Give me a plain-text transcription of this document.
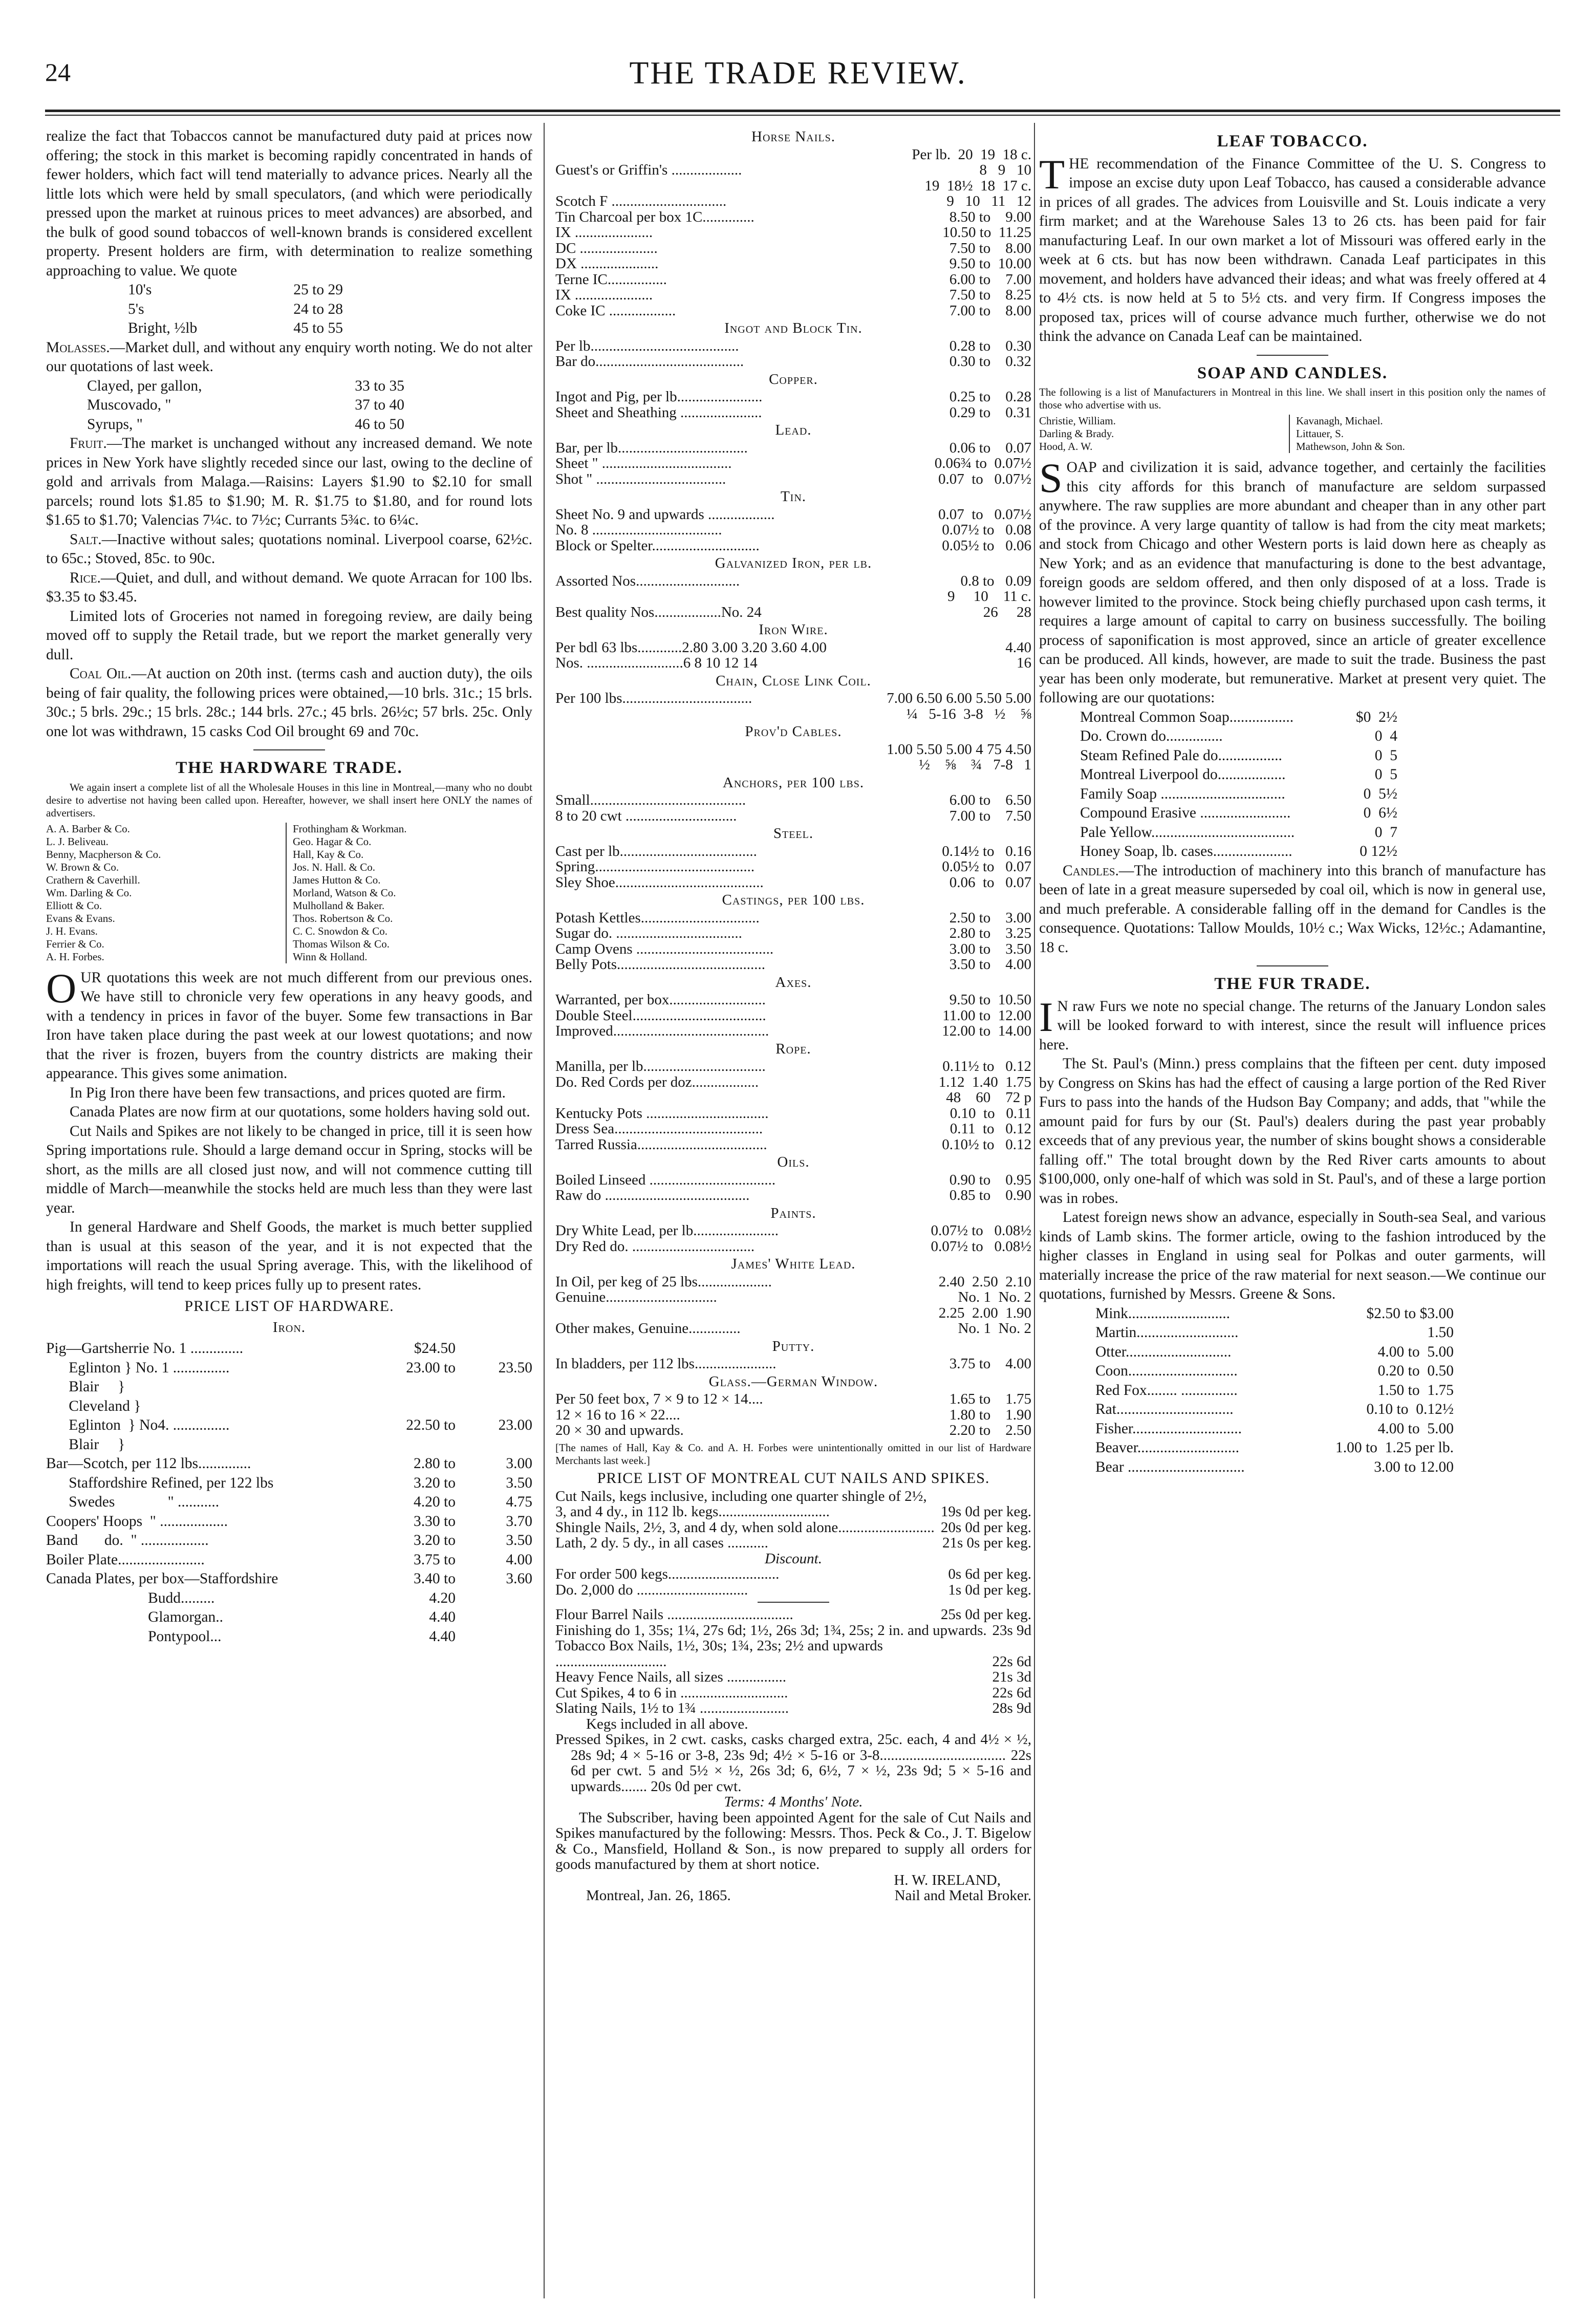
24	THE TRADE REVIEW.

realize the fact that Tobaccos cannot be manufactured duty paid at prices now offering; the stock in this market is becoming rapidly concentrated in hands of fewer holders, which fact will tend materially to advance prices. Nearly all the little lots which were held by small speculators, (and which were periodically pressed upon the market at ruinous prices to meet advances) are absorbed, and the bulk of good sound tobaccos of well-known brands is considered excellent property. Present holders are firm, with determination to realize something approaching to value. We quote

10's	25 to 29
5's	24 to 28
Bright, ½lb	45 to 55

Molasses.—Market dull, and without any enquiry worth noting. We do not alter our quotations of last week.

Clayed, per gallon,	33 to 35
Muscovado, "	37 to 40
Syrups, "	46 to 50

Fruit.—The market is unchanged without any increased demand. We note prices in New York have slightly receded since our last, owing to the decline of gold and arrivals from Malaga.—Raisins: Layers $1.90 to $2.10 for small parcels; round lots $1.85 to $1.90; M. R. $1.75 to $1.80, and for round lots $1.65 to $1.70; Valencias 7¼c. to 7½c; Currants 5¾c. to 6¼c.

Salt.—Inactive without sales; quotations nominal. Liverpool coarse, 62½c. to 65c.; Stoved, 85c. to 90c.

Rice.—Quiet, and dull, and without demand. We quote Arracan for 100 lbs. $3.35 to $3.45.

Limited lots of Groceries not named in foregoing review, are daily being moved off to supply the Retail trade, but we report the market generally very dull.

Coal Oil.—At auction on 20th inst. (terms cash and auction duty), the oils being of fair quality, the following prices were obtained,—10 brls. 31c.; 15 brls. 30c.; 5 brls. 29c.; 15 brls. 28c.; 144 brls. 27c.; 45 brls. 26½c; 57 brls. 25c. Only one lot was withdrawn, 15 casks Cod Oil brought 69 and 70c.

THE HARDWARE TRADE.

We again insert a complete list of all the Wholesale Houses in this line in Montreal,—many who no doubt desire to advertise not having been called upon. Hereafter, however, we shall insert here ONLY the names of advertisers.

A. A. Barber & Co.
L. J. Beliveau.
Benny, Macpherson & Co.
W. Brown & Co.
Crathern & Caverhill.
Wm. Darling & Co.
Elliott & Co.
Evans & Evans.
J. H. Evans.
Ferrier & Co.
A. H. Forbes.
Frothingham & Workman.
Geo. Hagar & Co.
Hall, Kay & Co.
Jos. N. Hall. & Co.
James Hutton & Co.
Morland, Watson & Co.
Mulholland & Baker.
Thos. Robertson & Co.
C. C. Snowdon & Co.
Thomas Wilson & Co.
Winn & Holland.

OUR quotations this week are not much different from our previous ones. We have still to chronicle very few operations in any heavy goods, and with a tendency in prices in favor of the buyer. Some few transactions in Bar Iron have taken place during the past week at our lowest quotations; and now that the river is frozen, buyers from the country districts are making their appearance. This gives some animation.

In Pig Iron there have been few transactions, and prices quoted are firm.

Canada Plates are now firm at our quotations, some holders having sold out.

Cut Nails and Spikes are not likely to be changed in price, till it is seen how Spring importations rule. Should a large demand occur in Spring, stocks will be short, as the mills are all closed just now, and will not commence cutting till middle of March—meanwhile the stocks held are much less than they were last year.

In general Hardware and Shelf Goods, the market is much better supplied than is usual at this season of the year, and it is not expected that the importations will reach the usual Spring average. This, with the likelihood of high freights, will tend to keep prices fully up to present rates.

PRICE LIST OF HARDWARE.
Iron.
Pig—Gartsherrie No. 1 ..............	$24.50
Eglinton } No. 1 ...............	23.00 to	23.50
Blair     }
Cleveland }
Eglinton  } No4. ...............	22.50 to	23.00
Blair     }
Bar—Scotch, per 112 lbs..............	2.80 to	3.00
Staffordshire Refined, per 122 lbs	3.20 to	3.50
Swedes              " ...........	4.20 to	4.75
Coopers' Hoops  " ..................	3.30 to	3.70
Band       do.  " ..................	3.20 to	3.50
Boiler Plate.......................	3.75 to	4.00
Canada Plates, per box—Staffordshire	3.40 to	3.60
Budd.........	4.20
Glamorgan..	4.40
Pontypool...	4.40
Horse Nails.
Per lb.  20  19  18 c.
Guest's or Griffin's ...................	8   9   10
19  18½  18  17 c.
Scotch F ...............................	9   10   11   12
Tin Charcoal per box 1C..............	8.50 to    9.00
IX .....................	10.50 to  11.25
DC .....................	7.50 to    8.00
DX .....................	9.50 to  10.00
Terne IC................	6.00 to    7.00
IX .....................	7.50 to    8.25
Coke IC ..................	7.00 to    8.00
Ingot and Block Tin.
Per lb........................................	0.28 to    0.30
Bar do........................................	0.30 to    0.32
Copper.
Ingot and Pig, per lb.......................	0.25 to    0.28
Sheet and Sheathing ......................	0.29 to    0.31
Lead.
Bar, per lb...................................	0.06 to    0.07
Sheet " ...................................	0.06¾ to  0.07½
Shot " ...................................	0.07  to   0.07½
Tin.
Sheet No. 9 and upwards ..................	0.07  to   0.07½
No. 8 ...................................	0.07½ to   0.08
Block or Spelter.............................	0.05½ to   0.06
Galvanized Iron, per lb.
Assorted Nos............................	0.8 to   0.09
9     10    11 c.
Best quality Nos..................No. 24	26     28
Iron Wire.
Per bdl 63 lbs............2.80 3.00 3.20 3.60 4.00	4.40
Nos. ..........................6 8 10 12 14	16
Chain, Close Link Coil.
Per 100 lbs...................................	7.00 6.50 6.00 5.50 5.00
¼   5-16  3-8   ½    ⅝
Prov'd Cables.
1.00 5.50 5.00 4 75 4.50
½    ⅝    ¾   7-8   1
Anchors, per 100 lbs.
Small..........................................	6.00 to    6.50
8 to 20 cwt ..............................	7.00 to    7.50
Steel.
Cast per lb.....................................	0.14½ to   0.16
Spring...........................................	0.05½ to   0.07
Sley Shoe........................................	0.06  to   0.07
Castings, per 100 lbs.
Potash Kettles................................	2.50 to    3.00
Sugar do. ..................................	2.80 to    3.25
Camp Ovens .....................................	3.00 to    3.50
Belly Pots........................................	3.50 to    4.00
Axes.
Warranted, per box..........................	9.50 to  10.50
Double Steel....................................	11.00 to  12.00
Improved..........................................	12.00 to  14.00
Rope.
Manilla, per lb.................................	0.11½ to   0.12
Do. Red Cords per doz..................	1.12  1.40  1.75
48    60    72 p
Kentucky Pots .................................	0.10  to   0.11
Dress Sea........................................	0.11  to   0.12
Tarred Russia...................................	0.10½ to   0.12
Oils.
Boiled Linseed ..................................	0.90 to    0.95
Raw do .......................................	0.85 to    0.90
Paints.
Dry White Lead, per lb.......................	0.07½ to   0.08½
Dry Red do. .................................	0.07½ to   0.08½
James' White Lead.
In Oil, per keg of 25 lbs....................	2.40  2.50  2.10
Genuine..............................	No. 1  No. 2
2.25  2.00  1.90
Other makes, Genuine..............	No. 1  No. 2
Putty.
In bladders, per 112 lbs......................	3.75 to    4.00
Glass.—German Window.
Per 50 feet box, 7 × 9 to 12 × 14....	1.65 to    1.75
12 × 16 to 16 × 22....	1.80 to    1.90
20 × 30 and upwards.	2.20 to    2.50

[The names of Hall, Kay & Co. and A. H. Forbes were unintentionally omitted in our list of Hardware Merchants last week.]

PRICE LIST OF MONTREAL CUT NAILS AND SPIKES.
Cut Nails, kegs inclusive, including one quarter shingle of 2½, 3, and 4 dy., in 112 lb. kegs..............................	19s 0d per keg.
Shingle Nails, 2½, 3, and 4 dy, when sold alone.......................... 20s 0d per keg.
Lath, 2 dy. 5 dy., in all cases ...........	21s 0s per keg.
Discount.
For order 500 kegs..............................	0s 6d per keg.
Do. 2,000 do ..............................	1s 0d per keg.
Flour Barrel Nails ..................................	25s 0d per keg.
Finishing do 1, 35s; 1¼, 27s 6d; 1½, 26s 3d; 1¾, 25s; 2 in. and upwards. 23s 9d
Tobacco Box Nails, 1½, 30s; 1¾, 23s; 2½ and upwards ..............................	22s 6d
Heavy Fence Nails, all sizes ................	21s 3d
Cut Spikes, 4 to 6 in .............................	22s 6d
Slating Nails, 1½ to 1¾ ........................	28s 9d
Kegs included in all above.

Pressed Spikes, in 2 cwt. casks, casks charged extra, 25c. each, 4 and 4½ × ½, 28s 9d; 4 × 5-16 or 3-8, 23s 9d; 4½ × 5-16 or 3-8.................................. 22s 6d per cwt. 5 and 5½ × ½, 26s 3d; 6, 6½, 7 × ½, 23s 9d; 5 × 5-16 and upwards....... 20s 0d per cwt.

Terms: 4 Months' Note.

The Subscriber, having been appointed Agent for the sale of Cut Nails and Spikes manufactured by the following: Messrs. Thos. Peck & Co., J. T. Bigelow & Co., Mansfield, Holland & Son., is now prepared to supply all orders for goods manufactured by them at short notice.

H. W. IRELAND,
Montreal, Jan. 26, 1865.	Nail and Metal Broker.
LEAF TOBACCO.

THE recommendation of the Finance Committee of the U. S. Congress to impose an excise duty upon Leaf Tobacco, has caused a considerable advance in prices of all grades. The advices from Louisville and St. Louis indicate a very firm market; and at the Warehouse Sales 13 to 26 cts. has been paid for fair manufacturing Leaf. In our own market a lot of Missouri was offered early in the week at 6 cts. but has now been withdrawn. Canada Leaf participates in this movement, and holders have advanced their ideas; and what was freely offered at 4 to 4½ cts. is now held at 5 to 5½ cts. and very firm. If Congress imposes the proposed tax, prices will of course advance much further, otherwise we do not think the advance on Canada Leaf can be maintained.

SOAP AND CANDLES.

The following is a list of Manufacturers in Montreal in this line. We shall insert in this position only the names of those who advertise with us.

Christie, William.
Darling & Brady.
Hood, A. W.
Kavanagh, Michael.
Littauer, S.
Mathewson, John & Son.

SOAP and civilization it is said, advance together, and certainly the facilities this city affords for this branch of manufacture are seldom surpassed anywhere. The raw supplies are more abundant and cheaper than in any other part of the province. A very large quantity of tallow is had from the city meat markets; and stock from Chicago and other Western ports is laid down here as cheaply as New York; and as an evidence that manufacturing is done to the best advantage, foreign goods are seldom offered, and then only disposed of at a loss. Trade is however limited to the province. Stock being chiefly purchased upon cash terms, it requires a large amount of capital to carry on business successfully. The boiling process of saponification is most approved, since an article of greater excellence can be produced. All kinds, however, are made to suit the trade. Business the past year has been only moderate, but remunerative. Market at present very quiet. The following are our quotations:

Montreal Common Soap.................	$0  2½
Do. Crown do...............	0  4
Steam Refined Pale do.................	0  5
Montreal Liverpool do..................	0  5
Family Soap .................................	0  5½
Compound Erasive ........................	0  6½
Pale Yellow......................................	0  7
Honey Soap, lb. cases.....................	0 12½

Candles.—The introduction of machinery into this branch of manufacture has been of late in a great measure superseded by coal oil, which is now in general use, and much preferable. A considerable falling off in the demand for Candles is the consequence. Quotations: Tallow Moulds, 10½ c.; Wax Wicks, 12½c.; Adamantine, 18 c.

THE FUR TRADE.

I N raw Furs we note no special change. The returns of the January London sales will be looked forward to with interest, since the result will influence prices here.

The St. Paul's (Minn.) press complains that the fifteen per cent. duty imposed by Congress on Skins has had the effect of causing a large portion of the Red River Furs to pass into the hands of the Hudson Bay Company; and adds, that "while the amount paid for furs by our (St. Paul's) dealers during the past year probably exceeds that of any previous year, the number of skins bought shows a considerable falling off." The total brought down by the Red River carts amounts to about $100,000, only one-half of which was sold in St. Paul's, and of these a large portion was in robes.

Latest foreign news show an advance, especially in South-sea Seal, and various kinds of Lamb skins. The former article, owing to the fashion introduced by the higher classes in England in using seal for Polkas and outer garments, will materially increase the price of the raw material for next season.—We continue our quotations, furnished by Messrs. Greene & Sons.

Mink...........................	$2.50 to $3.00
Martin...........................	1.50
Otter............................	4.00 to  5.00
Coon.............................	0.20 to  0.50
Red Fox........ ...............	1.50 to  1.75
Rat...............................	0.10 to  0.12½
Fisher.............................	4.00 to  5.00
Beaver...........................	1.00 to  1.25 per lb.
Bear ...............................	3.00 to 12.00
